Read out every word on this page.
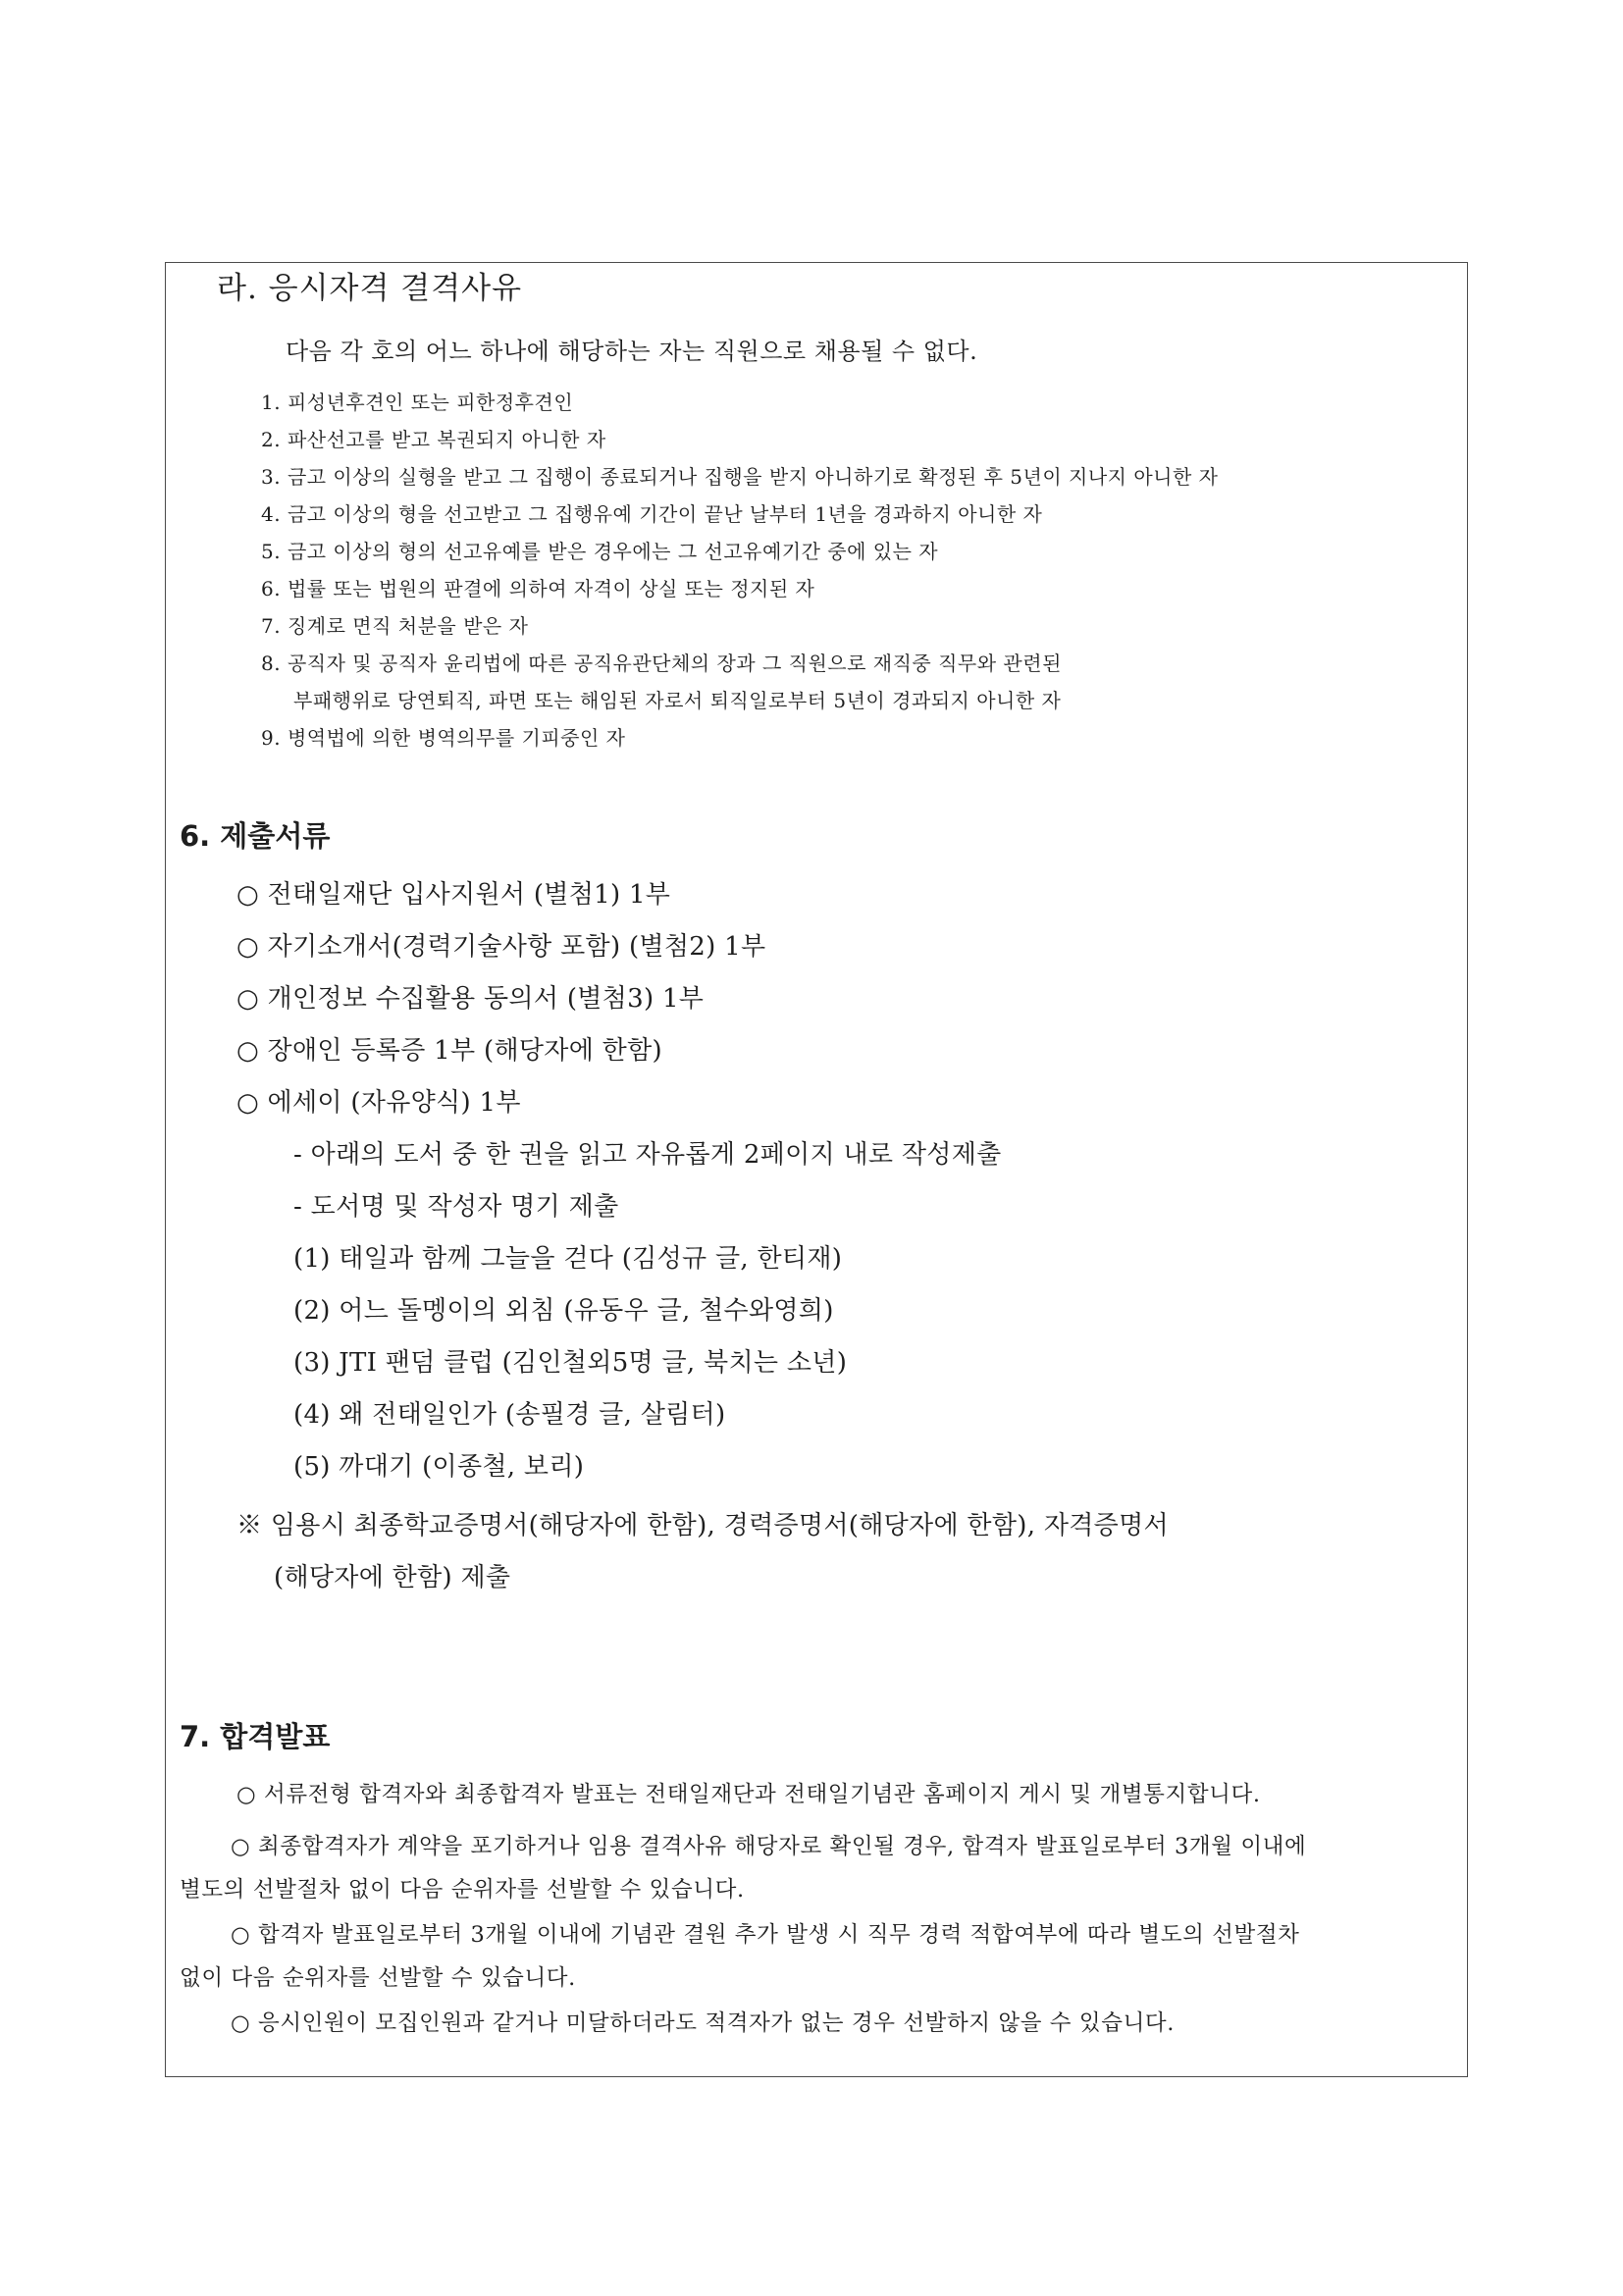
라. 응시자격 결격사유

다음 각 호의 어느 하나에 해당하는 자는 직원으로 채용될 수 없다.

1. 피성년후견인 또는 피한정후견인

2. 파산선고를 받고 복권되지 아니한 자

3. 금고 이상의 실형을 받고 그 집행이 종료되거나 집행을 받지 아니하기로 확정된 후 5년이 지나지 아니한 자

4. 금고 이상의 형을 선고받고 그 집행유예 기간이 끝난 날부터 1년을 경과하지 아니한 자

5. 금고 이상의 형의 선고유예를 받은 경우에는 그 선고유예기간 중에 있는 자

6. 법률 또는 법원의 판결에 의하여 자격이 상실 또는 정지된 자

7. 징계로 면직 처분을 받은 자

8. 공직자 및 공직자 윤리법에 따른 공직유관단체의 장과 그 직원으로 재직중 직무와 관련된

부패행위로 당연퇴직, 파면 또는 해임된 자로서 퇴직일로부터 5년이 경과되지 아니한 자

9. 병역법에 의한 병역의무를 기피중인 자

6. 제출서류

○ 전태일재단 입사지원서 (별첨1) 1부

○ 자기소개서(경력기술사항 포함) (별첨2) 1부

○ 개인정보 수집활용 동의서 (별첨3) 1부

○ 장애인 등록증 1부 (해당자에 한함)

○ 에세이 (자유양식) 1부

- 아래의 도서 중 한 권을 읽고 자유롭게 2페이지 내로 작성제출

- 도서명 및 작성자 명기 제출

(1) 태일과 함께 그늘을 걷다 (김성규 글, 한티재)

(2) 어느 돌멩이의 외침 (유동우 글, 철수와영희)

(3) JTI 팬덤 클럽 (김인철외5명 글, 북치는 소년)

(4) 왜 전태일인가 (송필경 글, 살림터)

(5) 까대기 (이종철, 보리)

※ 임용시 최종학교증명서(해당자에 한함), 경력증명서(해당자에 한함), 자격증명서

(해당자에 한함) 제출

7. 합격발표

○ 서류전형 합격자와 최종합격자 발표는 전태일재단과 전태일기념관 홈페이지 게시 및 개별통지합니다.

○ 최종합격자가 계약을 포기하거나 임용 결격사유 해당자로 확인될 경우, 합격자 발표일로부터 3개월 이내에

별도의 선발절차 없이 다음 순위자를 선발할 수 있습니다.

○ 합격자 발표일로부터 3개월 이내에 기념관 결원 추가 발생 시 직무 경력 적합여부에 따라 별도의 선발절차

없이 다음 순위자를 선발할 수 있습니다.

○ 응시인원이 모집인원과 같거나 미달하더라도 적격자가 없는 경우 선발하지 않을 수 있습니다.
